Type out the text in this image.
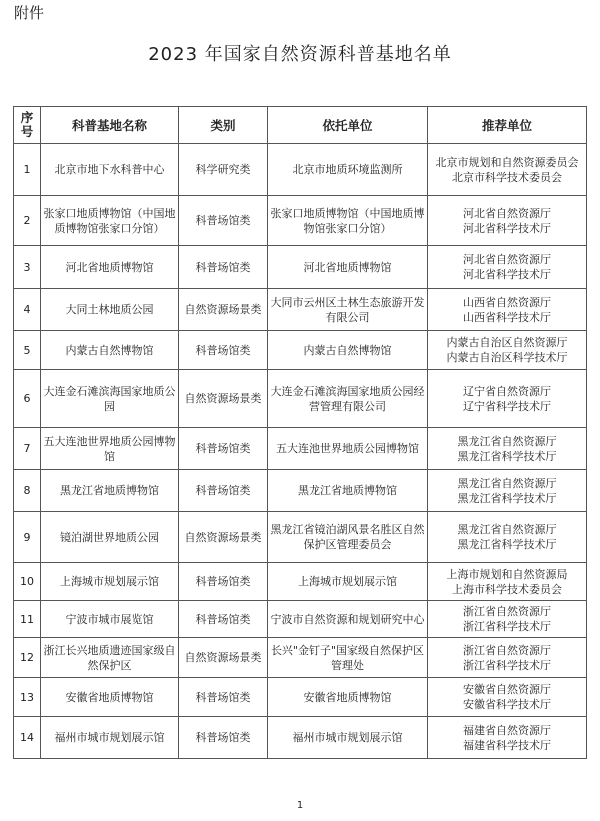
附件
2023 年国家自然资源科普基地名单
序号	科普基地名称	类别	依托单位	推荐单位
1	北京市地下水科普中心	科学研究类	北京市地质环境监测所	北京市规划和自然资源委员会
北京市科学技术委员会

2	张家口地质博物馆（中国地质博物馆张家口分馆）	科普场馆类	张家口地质博物馆（中国地质博物馆张家口分馆）	河北省自然资源厅
河北省科学技术厅

3	河北省地质博物馆	科普场馆类	河北省地质博物馆	河北省自然资源厅
河北省科学技术厅

4	大同土林地质公园	自然资源场景类	大同市云州区土林生态旅游开发有限公司	山西省自然资源厅
山西省科学技术厅

5	内蒙古自然博物馆	科普场馆类	内蒙古自然博物馆	内蒙古自治区自然资源厅
内蒙古自治区科学技术厅

6	大连金石滩滨海国家地质公园	自然资源场景类	大连金石滩滨海国家地质公园经营管理有限公司	辽宁省自然资源厅
辽宁省科学技术厅

7	五大连池世界地质公园博物馆	科普场馆类	五大连池世界地质公园博物馆	黑龙江省自然资源厅
黑龙江省科学技术厅

8	黑龙江省地质博物馆	科普场馆类	黑龙江省地质博物馆	黑龙江省自然资源厅
黑龙江省科学技术厅

9	镜泊湖世界地质公园	自然资源场景类	黑龙江省镜泊湖风景名胜区自然保护区管理委员会	黑龙江省自然资源厅
黑龙江省科学技术厅

10	上海城市规划展示馆	科普场馆类	上海城市规划展示馆	上海市规划和自然资源局
上海市科学技术委员会

11	宁波市城市展览馆	科普场馆类	宁波市自然资源和规划研究中心	浙江省自然资源厅
浙江省科学技术厅

12	浙江长兴地质遗迹国家级自然保护区	自然资源场景类	长兴"金钉子"国家级自然保护区管理处	浙江省自然资源厅
浙江省科学技术厅

13	安徽省地质博物馆	科普场馆类	安徽省地质博物馆	安徽省自然资源厅
安徽省科学技术厅

14	福州市城市规划展示馆	科普场馆类	福州市城市规划展示馆	福建省自然资源厅
福建省科学技术厅
1
